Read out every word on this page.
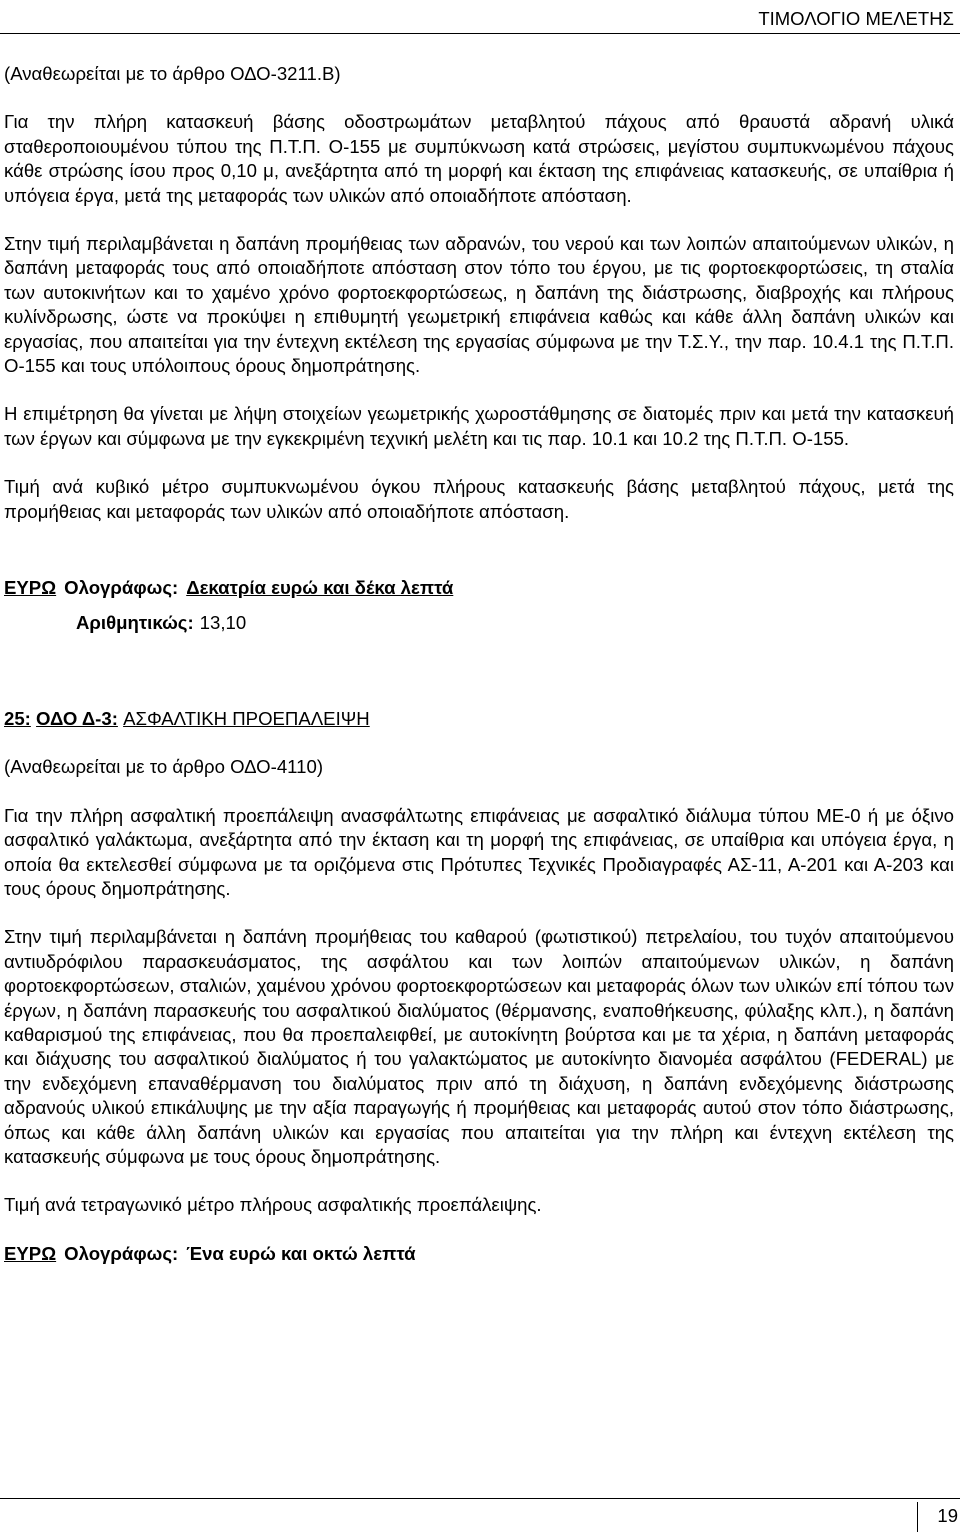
ΤΙΜΟΛΟΓΙΟ ΜΕΛΕΤΗΣ

(Αναθεωρείται με το άρθρο ΟΔΟ-3211.Β)

Για την πλήρη κατασκευή βάσης οδοστρωμάτων μεταβλητού πάχους από θραυστά αδρανή υλικά σταθεροποιουμένου τύπου της Π.Τ.Π. Ο-155 με συμπύκνωση κατά στρώσεις, μεγίστου συμπυκνωμένου πάχους κάθε στρώσης ίσου προς 0,10 μ, ανεξάρτητα από τη μορφή και έκταση της επιφάνειας κατασκευής, σε υπαίθρια ή υπόγεια έργα, μετά της μεταφοράς των υλικών από οποιαδήποτε απόσταση.

Στην τιμή περιλαμβάνεται η δαπάνη προμήθειας των αδρανών, του νερού και των λοιπών απαιτούμενων υλικών, η δαπάνη μεταφοράς τους από οποιαδήποτε απόσταση στον τόπο του έργου, με τις φορτοεκφορτώσεις, τη σταλία των αυτοκινήτων και το χαμένο χρόνο φορτοεκφορτώσεως, η δαπάνη της διάστρωσης, διαβροχής και πλήρους κυλίνδρωσης, ώστε να προκύψει η επιθυμητή γεωμετρική επιφάνεια καθώς και κάθε άλλη δαπάνη υλικών και εργασίας, που απαιτείται για την έντεχνη εκτέλεση της εργασίας σύμφωνα με την Τ.Σ.Υ., την παρ. 10.4.1 της Π.Τ.Π. Ο-155 και τους υπόλοιπους όρους δημοπράτησης.

Η επιμέτρηση θα γίνεται με λήψη στοιχείων γεωμετρικής χωροστάθμησης σε διατομές πριν και μετά την κατασκευή των έργων και σύμφωνα με την εγκεκριμένη τεχνική μελέτη και τις παρ. 10.1 και 10.2 της Π.Τ.Π. Ο-155.

Τιμή ανά κυβικό μέτρο συμπυκνωμένου όγκου πλήρους κατασκευής βάσης μεταβλητού πάχους, μετά της προμήθειας και μεταφοράς των υλικών από οποιαδήποτε απόσταση.

ΕΥΡΩ Ολογράφως: Δεκατρία ευρώ και δέκα λεπτά

Αριθμητικώς: 13,10

25: ΟΔΟ Δ-3: ΑΣΦΑΛΤΙΚΗ ΠΡΟΕΠΑΛΕΙΨΗ

(Αναθεωρείται με το άρθρο ΟΔΟ-4110)

Για την πλήρη ασφαλτική προεπάλειψη ανασφάλτωτης επιφάνειας με ασφαλτικό διάλυμα τύπου ΜΕ-0 ή με όξινο ασφαλτικό γαλάκτωμα, ανεξάρτητα από την έκταση και τη μορφή της επιφάνειας, σε υπαίθρια και υπόγεια έργα, η οποία θα εκτελεσθεί σύμφωνα με τα οριζόμενα στις Πρότυπες Τεχνικές Προδιαγραφές ΑΣ-11, Α-201 και Α-203 και τους όρους δημοπράτησης.

Στην τιμή περιλαμβάνεται η δαπάνη προμήθειας του καθαρού (φωτιστικού) πετρελαίου, του τυχόν απαιτούμενου αντιυδρόφιλου παρασκευάσματος, της ασφάλτου και των λοιπών απαιτούμενων υλικών, η δαπάνη φορτοεκφορτώσεων, σταλιών, χαμένου χρόνου φορτοεκφορτώσεων και μεταφοράς όλων των υλικών επί τόπου των έργων, η δαπάνη παρασκευής του ασφαλτικού διαλύματος (θέρμανσης, εναποθήκευσης, φύλαξης κλπ.), η δαπάνη καθαρισμού της επιφάνειας, που θα προεπαλειφθεί, με αυτοκίνητη βούρτσα και με τα χέρια, η δαπάνη μεταφοράς και διάχυσης του ασφαλτικού διαλύματος ή του γαλακτώματος με αυτοκίνητο διανομέα ασφάλτου (FEDERAL) με την ενδεχόμενη επαναθέρμανση του διαλύματος πριν από τη διάχυση, η δαπάνη ενδεχόμενης διάστρωσης αδρανούς υλικού επικάλυψης με την αξία παραγωγής ή προμήθειας και μεταφοράς αυτού στον τόπο διάστρωσης, όπως και κάθε άλλη δαπάνη υλικών και εργασίας που απαιτείται για την πλήρη και έντεχνη εκτέλεση της κατασκευής σύμφωνα με τους όρους δημοπράτησης.

Τιμή ανά τετραγωνικό μέτρο πλήρους ασφαλτικής προεπάλειψης.

ΕΥΡΩ Ολογράφως: Ένα ευρώ και οκτώ λεπτά

19
